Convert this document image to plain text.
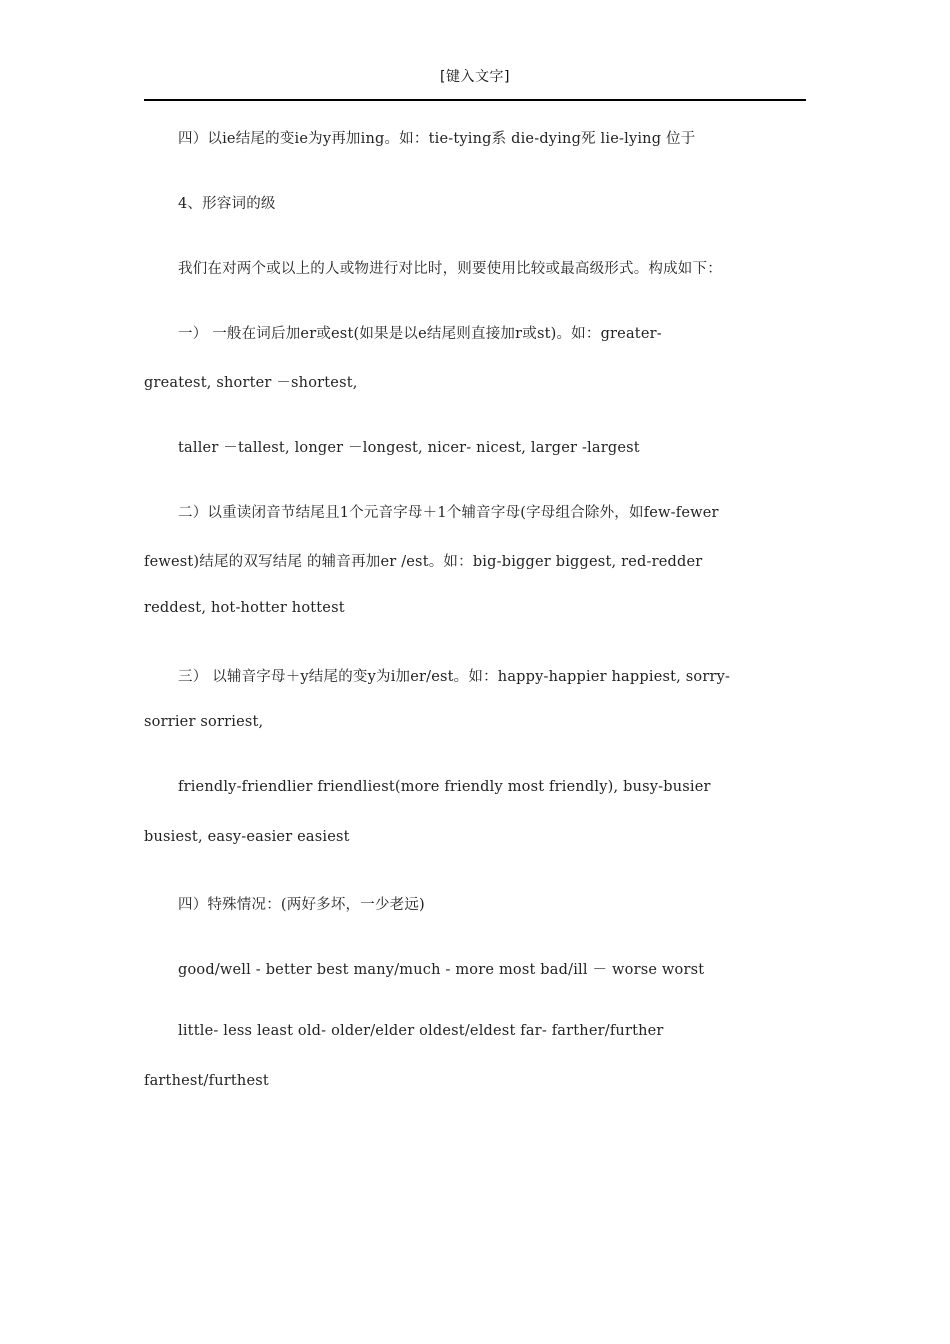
[键入文字]
四）以ie结尾的变ie为y再加ing。如：tie-tying系 die-dying死 lie-lying 位于
4、形容词的级
我们在对两个或以上的人或物进行对比时，则要使用比较或最高级形式。构成如下：
一） 一般在词后加er或est(如果是以e结尾则直接加r或st)。如：greater-
greatest, shorter －shortest,
taller －tallest, longer －longest, nicer- nicest, larger -largest
二）以重读闭音节结尾且1个元音字母＋1个辅音字母(字母组合除外，如few-fewer
fewest)结尾的双写结尾 的辅音再加er /est。如：big-bigger biggest, red-redder
reddest, hot-hotter hottest
三） 以辅音字母＋y结尾的变y为i加er/est。如：happy-happier happiest, sorry-
sorrier sorriest,
friendly-friendlier friendliest(more friendly most friendly), busy-busier
busiest, easy-easier easiest
四）特殊情况：(两好多坏，一少老远)
good/well - better best many/much - more most bad/ill － worse worst
little- less least old- older/elder oldest/eldest far- farther/further
farthest/furthest
